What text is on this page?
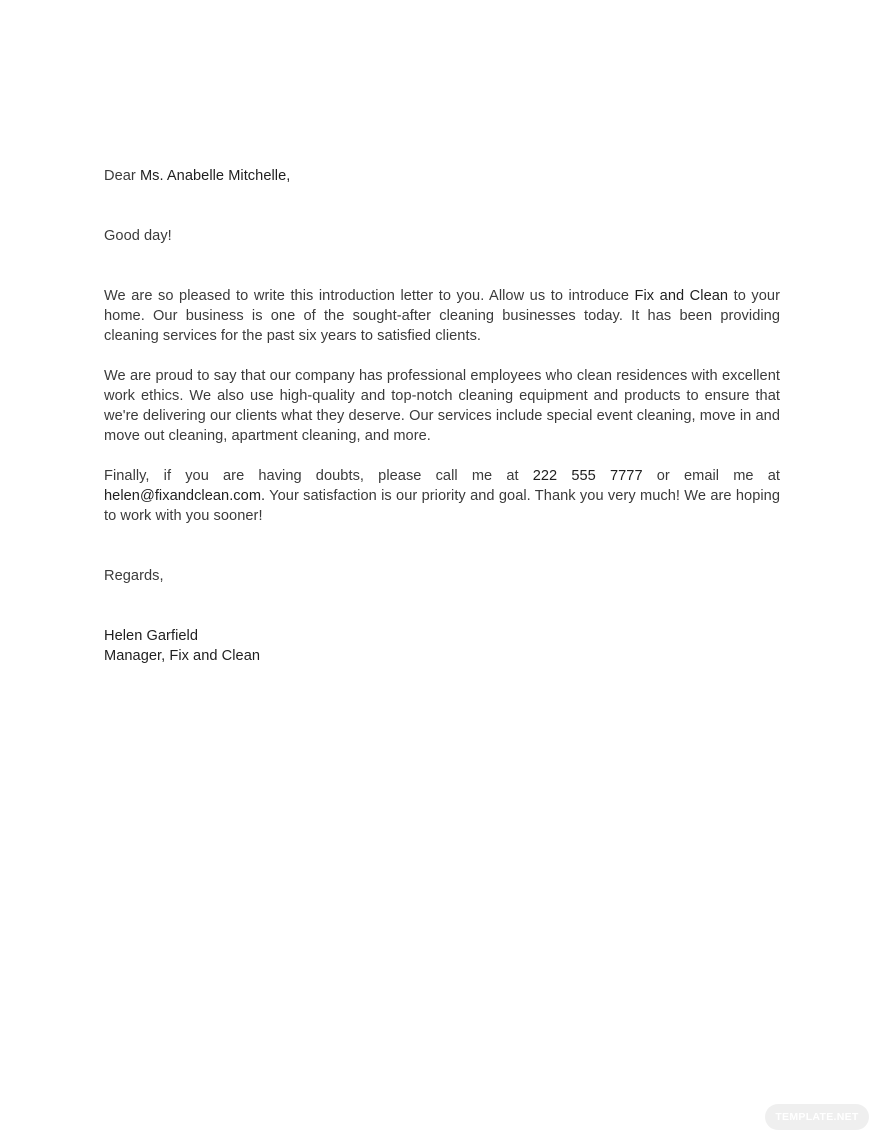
Dear Ms. Anabelle Mitchelle,

Good day!

We are so pleased to write this introduction letter to you. Allow us to introduce Fix and Clean to your home. Our business is one of the sought-after cleaning businesses today. It has been providing cleaning services for the past six years to satisfied clients.

We are proud to say that our company has professional employees who clean residences with excellent work ethics. We also use high-quality and top-notch cleaning equipment and products to ensure that we're delivering our clients what they deserve. Our services include special event cleaning, move in and move out cleaning, apartment cleaning, and more.

Finally, if you are having doubts, please call me at 222 555 7777 or email me at helen@fixandclean.com. Your satisfaction is our priority and goal. Thank you very much! We are hoping to work with you sooner!

Regards,

Helen Garfield

Manager, Fix and Clean

TEMPLATE.NET
